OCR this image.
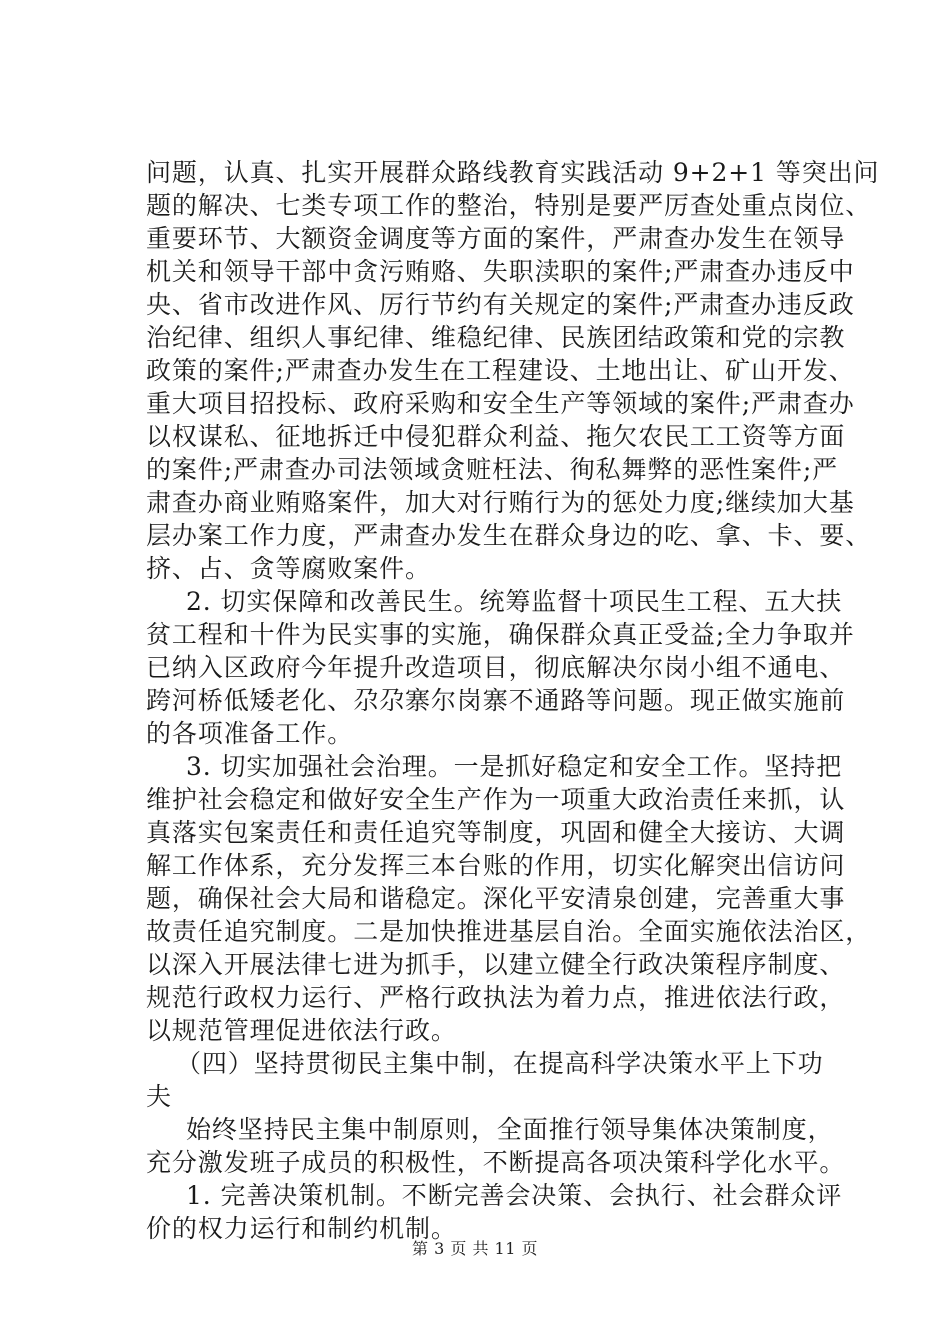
问题，认真、扎实开展群众路线教育实践活动 9+2+1 等突出问
题的解决、七类专项工作的整治，特别是要严厉查处重点岗位、
重要环节、大额资金调度等方面的案件，严肃查办发生在领导
机关和领导干部中贪污贿赂、失职渎职的案件;严肃查办违反中
央、省市改进作风、厉行节约有关规定的案件;严肃查办违反政
治纪律、组织人事纪律、维稳纪律、民族团结政策和党的宗教
政策的案件;严肃查办发生在工程建设、土地出让、矿山开发、
重大项目招投标、政府采购和安全生产等领域的案件;严肃查办
以权谋私、征地拆迁中侵犯群众利益、拖欠农民工工资等方面
的案件;严肃查办司法领域贪赃枉法、徇私舞弊的恶性案件;严
肃查办商业贿赂案件，加大对行贿行为的惩处力度;继续加大基
层办案工作力度，严肃查办发生在群众身边的吃、拿、卡、要、
挤、占、贪等腐败案件。
2. 切实保障和改善民生。统筹监督十项民生工程、五大扶
贫工程和十件为民实事的实施，确保群众真正受益;全力争取并
已纳入区政府今年提升改造项目，彻底解决尔岗小组不通电、
跨河桥低矮老化、尕尕寨尔岗寨不通路等问题。现正做实施前
的各项准备工作。
3. 切实加强社会治理。一是抓好稳定和安全工作。坚持把
维护社会稳定和做好安全生产作为一项重大政治责任来抓，认
真落实包案责任和责任追究等制度，巩固和健全大接访、大调
解工作体系，充分发挥三本台账的作用，切实化解突出信访问
题，确保社会大局和谐稳定。深化平安清泉创建，完善重大事
故责任追究制度。二是加快推进基层自治。全面实施依法治区，
以深入开展法律七进为抓手，以建立健全行政决策程序制度、
规范行政权力运行、严格行政执法为着力点，推进依法行政，
以规范管理促进依法行政。
（四）坚持贯彻民主集中制，在提高科学决策水平上下功
夫
始终坚持民主集中制原则，全面推行领导集体决策制度，
充分激发班子成员的积极性，不断提高各项决策科学化水平。
1. 完善决策机制。不断完善会决策、会执行、社会群众评
价的权力运行和制约机制。
第 3 页 共 11 页
